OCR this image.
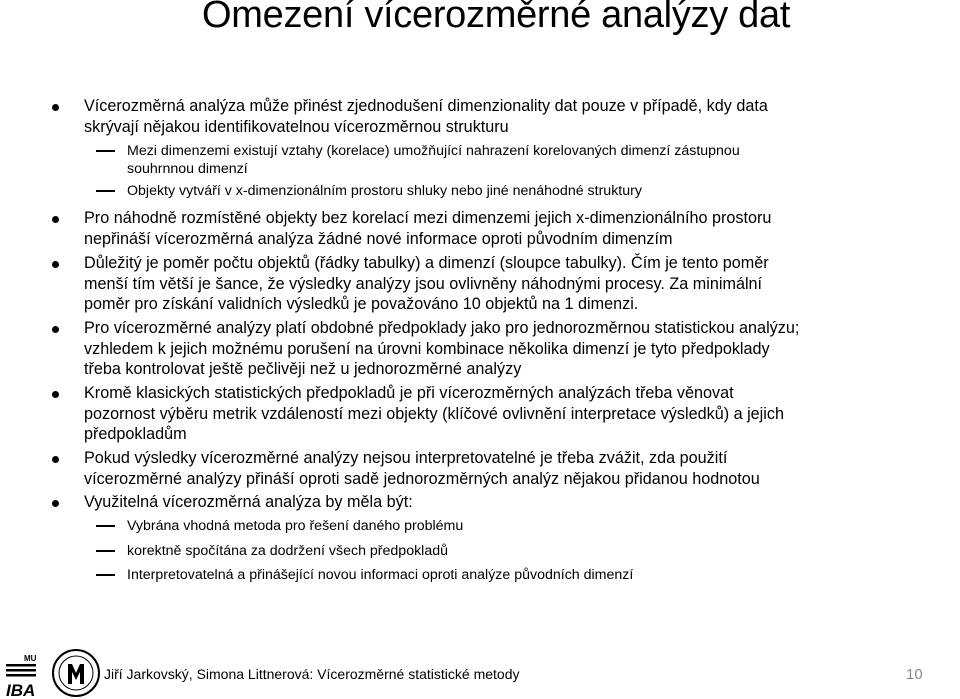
Omezení vícerozměrné analýzy dat
Vícerozměrná analýza může přinést zjednodušení dimenzionality dat pouze v případě, kdy data
skrývají nějakou identifikovatelnou vícerozměrnou strukturu
Mezi dimenzemi existují vztahy (korelace) umožňující nahrazení korelovaných dimenzí zástupnou
souhrnnou dimenzí
Objekty vytváří v x-dimenzionálním prostoru shluky nebo jiné nenáhodné struktury
Pro náhodně rozmístěné objekty bez korelací mezi dimenzemi jejich x-dimenzionálního prostoru
nepřináší vícerozměrná analýza žádné nové informace oproti původním dimenzím
Důležitý je poměr počtu objektů (řádky tabulky) a dimenzí (sloupce tabulky). Čím je tento poměr
menší tím větší je šance, že výsledky analýzy jsou ovlivněny náhodnými procesy. Za minimální
poměr pro získání validních výsledků je považováno 10 objektů na 1 dimenzi.
Pro vícerozměrné analýzy platí obdobné předpoklady jako pro jednorozměrnou statistickou analýzu;
vzhledem k jejich možnému porušení na úrovni kombinace několika dimenzí je tyto předpoklady
třeba kontrolovat ještě pečlivěji než u jednorozměrné analýzy
Kromě klasických statistických předpokladů je při vícerozměrných analýzách třeba věnovat
pozornost výběru metrik vzdáleností mezi objekty (klíčové ovlivnění interpretace výsledků) a jejich
předpokladům
Pokud výsledky vícerozměrné analýzy nejsou interpretovatelné je třeba zvážit, zda použití
vícerozměrné analýzy přináší oproti sadě jednorozměrných analýz nějakou přidanou hodnotou
Využitelná vícerozměrná analýza by měla být:
Vybrána vhodná metoda pro řešení daného problému
korektně spočítána za dodržení všech předpokladů
Interpretovatelná a přinášející novou informaci oproti analýze původních dimenzí
MU
IBA
Jiří Jarkovský, Simona Littnerová: Vícerozměrné statistické metody	10
